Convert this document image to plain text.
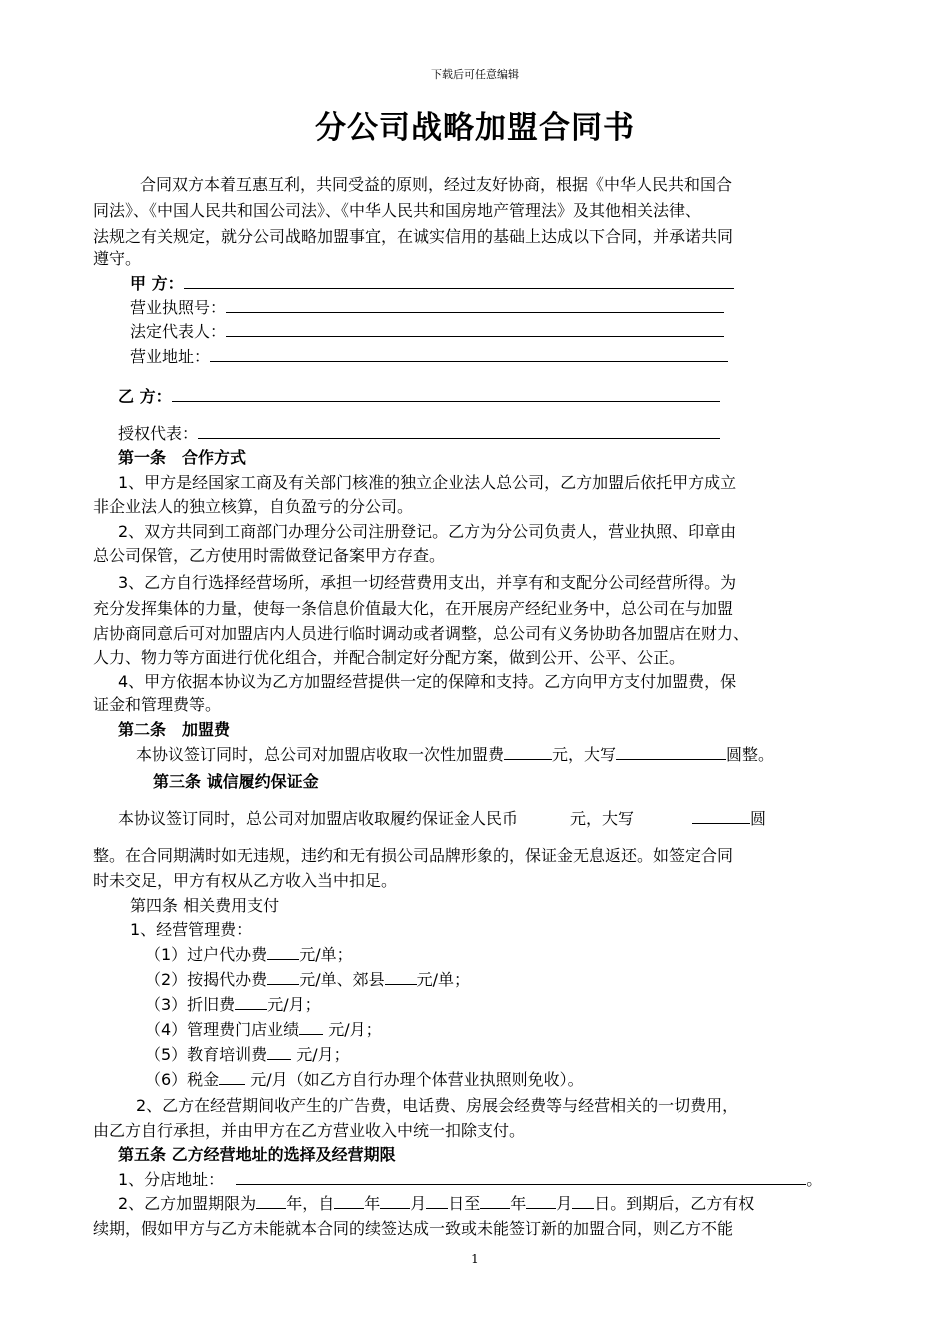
下载后可任意编辑
分公司战略加盟合同书
合同双方本着互惠互利，共同受益的原则，经过友好协商，根据《中华人民共和国合
同法》、《中国人民共和国公司法》、《中华人民共和国房地产管理法》及其他相关法律、
法规之有关规定，就分公司战略加盟事宜，在诚实信用的基础上达成以下合同，并承诺共同
遵守。
甲 方：
营业执照号：
法定代表人：
营业地址：
乙 方：
授权代表：
第一条　合作方式
1、甲方是经国家工商及有关部门核准的独立企业法人总公司，乙方加盟后依托甲方成立
非企业法人的独立核算，自负盈亏的分公司。
2、双方共同到工商部门办理分公司注册登记。乙方为分公司负责人，营业执照、印章由
总公司保管，乙方使用时需做登记备案甲方存查。
3、乙方自行选择经营场所，承担一切经营费用支出，并享有和支配分公司经营所得。为
充分发挥集体的力量，使每一条信息价值最大化，在开展房产经纪业务中，总公司在与加盟
店协商同意后可对加盟店内人员进行临时调动或者调整，总公司有义务协助各加盟店在财力、
人力、物力等方面进行优化组合，并配合制定好分配方案，做到公开、公平、公正。
4、甲方依据本协议为乙方加盟经营提供一定的保障和支持。乙方向甲方支付加盟费，保
证金和管理费等。
第二条　加盟费
本协议签订同时，总公司对加盟店收取一次性加盟费	元，大写	圆整。
第三条 诚信履约保证金
本协议签订同时，总公司对加盟店收取履约保证金人民币	元，大写	圆
整。在合同期满时如无违规，违约和无有损公司品牌形象的，保证金无息返还。如签定合同
时未交足，甲方有权从乙方收入当中扣足。
第四条 相关费用支付
1、经营管理费：
（1）过户代办费 元/单；
（2）按揭代办费 元/单、郊县 元/单；
（3）折旧费 元/月；
（4）管理费门店业绩 元/月；
（5）教育培训费 元/月；
（6）税金 元/月（如乙方自行办理个体营业执照则免收）。
2、乙方在经营期间收产生的广告费，电话费、房展会经费等与经营相关的一切费用，
由乙方自行承担，并由甲方在乙方营业收入中统一扣除支付。
第五条 乙方经营地址的选择及经营期限
1、分店地址：	。
2、乙方加盟期限为 年，自 年 月 日至 年 月 日。到期后，乙方有权
续期，假如甲方与乙方未能就本合同的续签达成一致或未能签订新的加盟合同，则乙方不能
1
